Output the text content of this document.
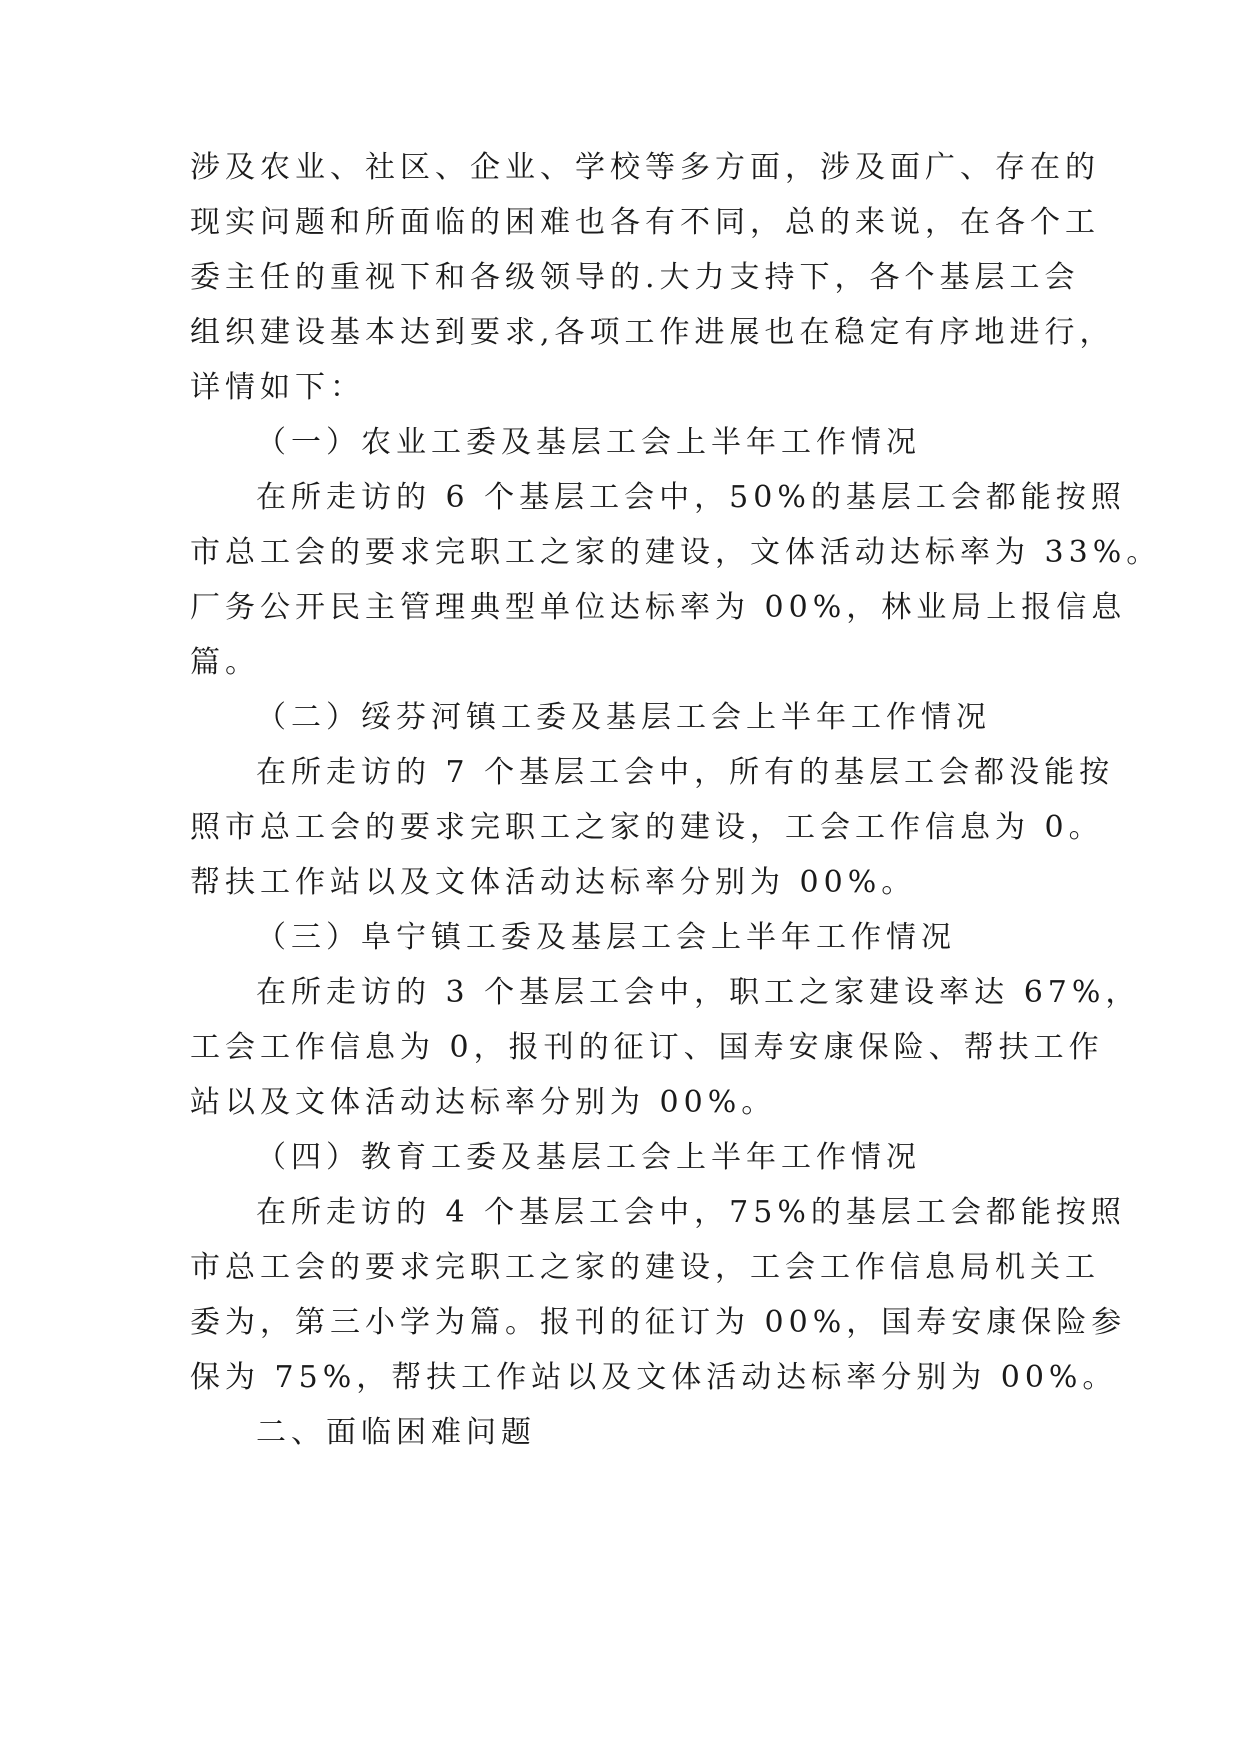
涉及农业、社区、企业、学校等多方面，涉及面广、存在的

现实问题和所面临的困难也各有不同，总的来说，在各个工

委主任的重视下和各级领导的.大力支持下，各个基层工会

组织建设基本达到要求,各项工作进展也在稳定有序地进行，

详情如下：

（一）农业工委及基层工会上半年工作情况

在所走访的 6 个基层工会中，50%的基层工会都能按照

市总工会的要求完职工之家的建设，文体活动达标率为 33%。

厂务公开民主管理典型单位达标率为 00%，林业局上报信息

篇。

（二）绥芬河镇工委及基层工会上半年工作情况

在所走访的 7 个基层工会中，所有的基层工会都没能按

照市总工会的要求完职工之家的建设，工会工作信息为 0。

帮扶工作站以及文体活动达标率分别为 00%。

（三）阜宁镇工委及基层工会上半年工作情况

在所走访的 3 个基层工会中，职工之家建设率达 67%，

工会工作信息为 0，报刊的征订、国寿安康保险、帮扶工作

站以及文体活动达标率分别为 00%。

（四）教育工委及基层工会上半年工作情况

在所走访的 4 个基层工会中，75%的基层工会都能按照

市总工会的要求完职工之家的建设，工会工作信息局机关工

委为，第三小学为篇。报刊的征订为 00%，国寿安康保险参

保为 75%，帮扶工作站以及文体活动达标率分别为 00%。

二、面临困难问题
